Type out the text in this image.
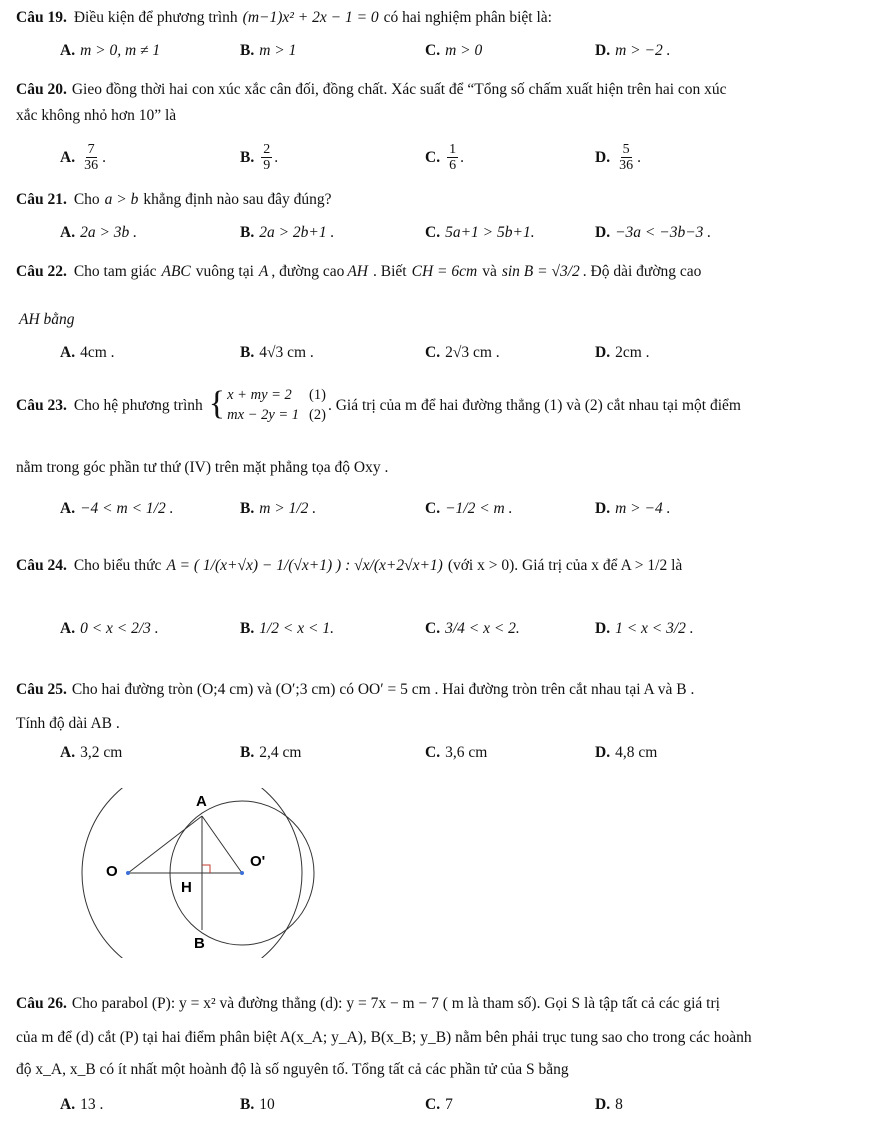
Câu 19. Điều kiện để phương trình (m−1)x² + 2x − 1 = 0 có hai nghiệm phân biệt là:
A. m > 0, m ≠ 1	B. m > 1	C. m > 0	D. m > −2 .
Câu 20. Gieo đồng thời hai con xúc xắc cân đối, đồng chất. Xác suất để “Tổng số chấm xuất hiện trên hai con xúc
xắc không nhỏ hơn 10” là
A. $\frac{7}{36}$ .	B. $\frac{2}{9}$ .	C. $\frac{1}{6}$ .	D. $\frac{5}{36}$ .
Câu 21. Cho a > b khẳng định nào sau đây đúng?
A. 2a > 3b .	B. 2a > 2b+1 .	C. 5a+1 > 5b+1.	D. −3a < −3b−3 .
Câu 22. Cho tam giác ABC vuông tại A , đường cao AH . Biết CH = 6cm và sin B = √3/2 . Độ dài đường cao
AH bằng
A. 4cm .	B. 4√3 cm .	C. 2√3 cm .	D. 2cm .
Câu 23. Cho hệ phương trình { x + my = 2
mx − 2y = 1
(1)
(2)
. Giá trị của m để hai đường thẳng (1) và (2) cắt nhau tại một điểm
nằm trong góc phần tư thứ (IV) trên mặt phẳng tọa độ Oxy .
A. −4 < m < 1/2 .	B. m > 1/2 .	C. −1/2 < m .	D. m > −4 .
Câu 24. Cho biểu thức A = ( 1/(x+√x) − 1/(√x+1) ) : √x/(x+2√x+1) (với x > 0). Giá trị của x để A > 1/2 là
A. 0 < x < 2/3 .	B. 1/2 < x < 1.	C. 3/4 < x < 2.	D. 1 < x < 3/2 .
Câu 25. Cho hai đường tròn (O;4 cm) và (O′;3 cm) có OO′ = 5 cm . Hai đường tròn trên cắt nhau tại A và B .
Tính độ dài AB .
A. 3,2 cm	B. 2,4 cm	C. 3,6 cm	D. 4,8 cm
A
O
O'
H
B
Câu 26. Cho parabol (P): y = x² và đường thẳng (d): y = 7x − m − 7 ( m là tham số). Gọi S là tập tất cả các giá trị
của m để (d) cắt (P) tại hai điểm phân biệt A(x_A; y_A), B(x_B; y_B) nằm bên phải trục tung sao cho trong các hoành
độ x_A, x_B có ít nhất một hoành độ là số nguyên tố. Tổng tất cả các phần tử của S bằng
A. 13 .	B. 10	C. 7	D. 8
